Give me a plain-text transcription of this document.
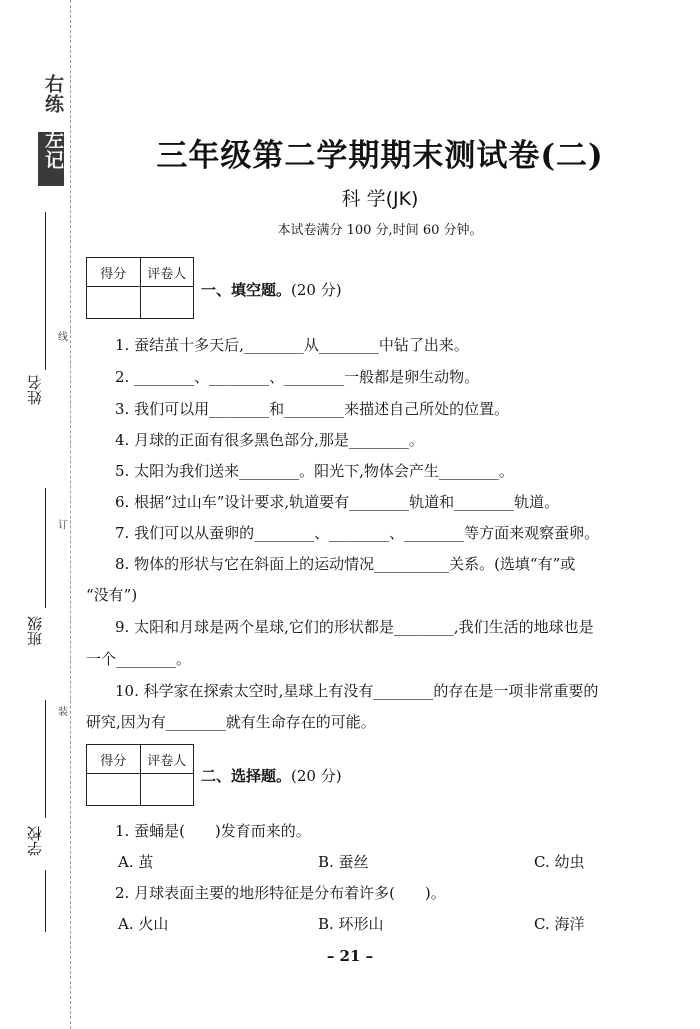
右练
左记
线
订
装
姓名
班级
学校
三年级第二学期期末测试卷(二)
科 学(JK)
本试卷满分 100 分,时间 60 分钟。
得分	评卷人

一、填空题。(20 分)
1. 蚕结茧十多天后,________从________中钻了出来。
2. ________、________、________一般都是卵生动物。
3. 我们可以用________和________来描述自己所处的位置。
4. 月球的正面有很多黑色部分,那是________。
5. 太阳为我们送来________。阳光下,物体会产生________。
6. 根据“过山车”设计要求,轨道要有________轨道和________轨道。
7. 我们可以从蚕卵的________、________、________等方面来观察蚕卵。
8. 物体的形状与它在斜面上的运动情况__________关系。(选填“有”或
“没有”)
9. 太阳和月球是两个星球,它们的形状都是________,我们生活的地球也是
一个________。
10. 科学家在探索太空时,星球上有没有________的存在是一项非常重要的
研究,因为有________就有生命存在的可能。
得分	评卷人

二、选择题。(20 分)
1. 蚕蛹是(　　)发育而来的。
A. 茧	B. 蚕丝	C. 幼虫
2. 月球表面主要的地形特征是分布着许多(　　)。
A. 火山	B. 环形山	C. 海洋
– 21 –
